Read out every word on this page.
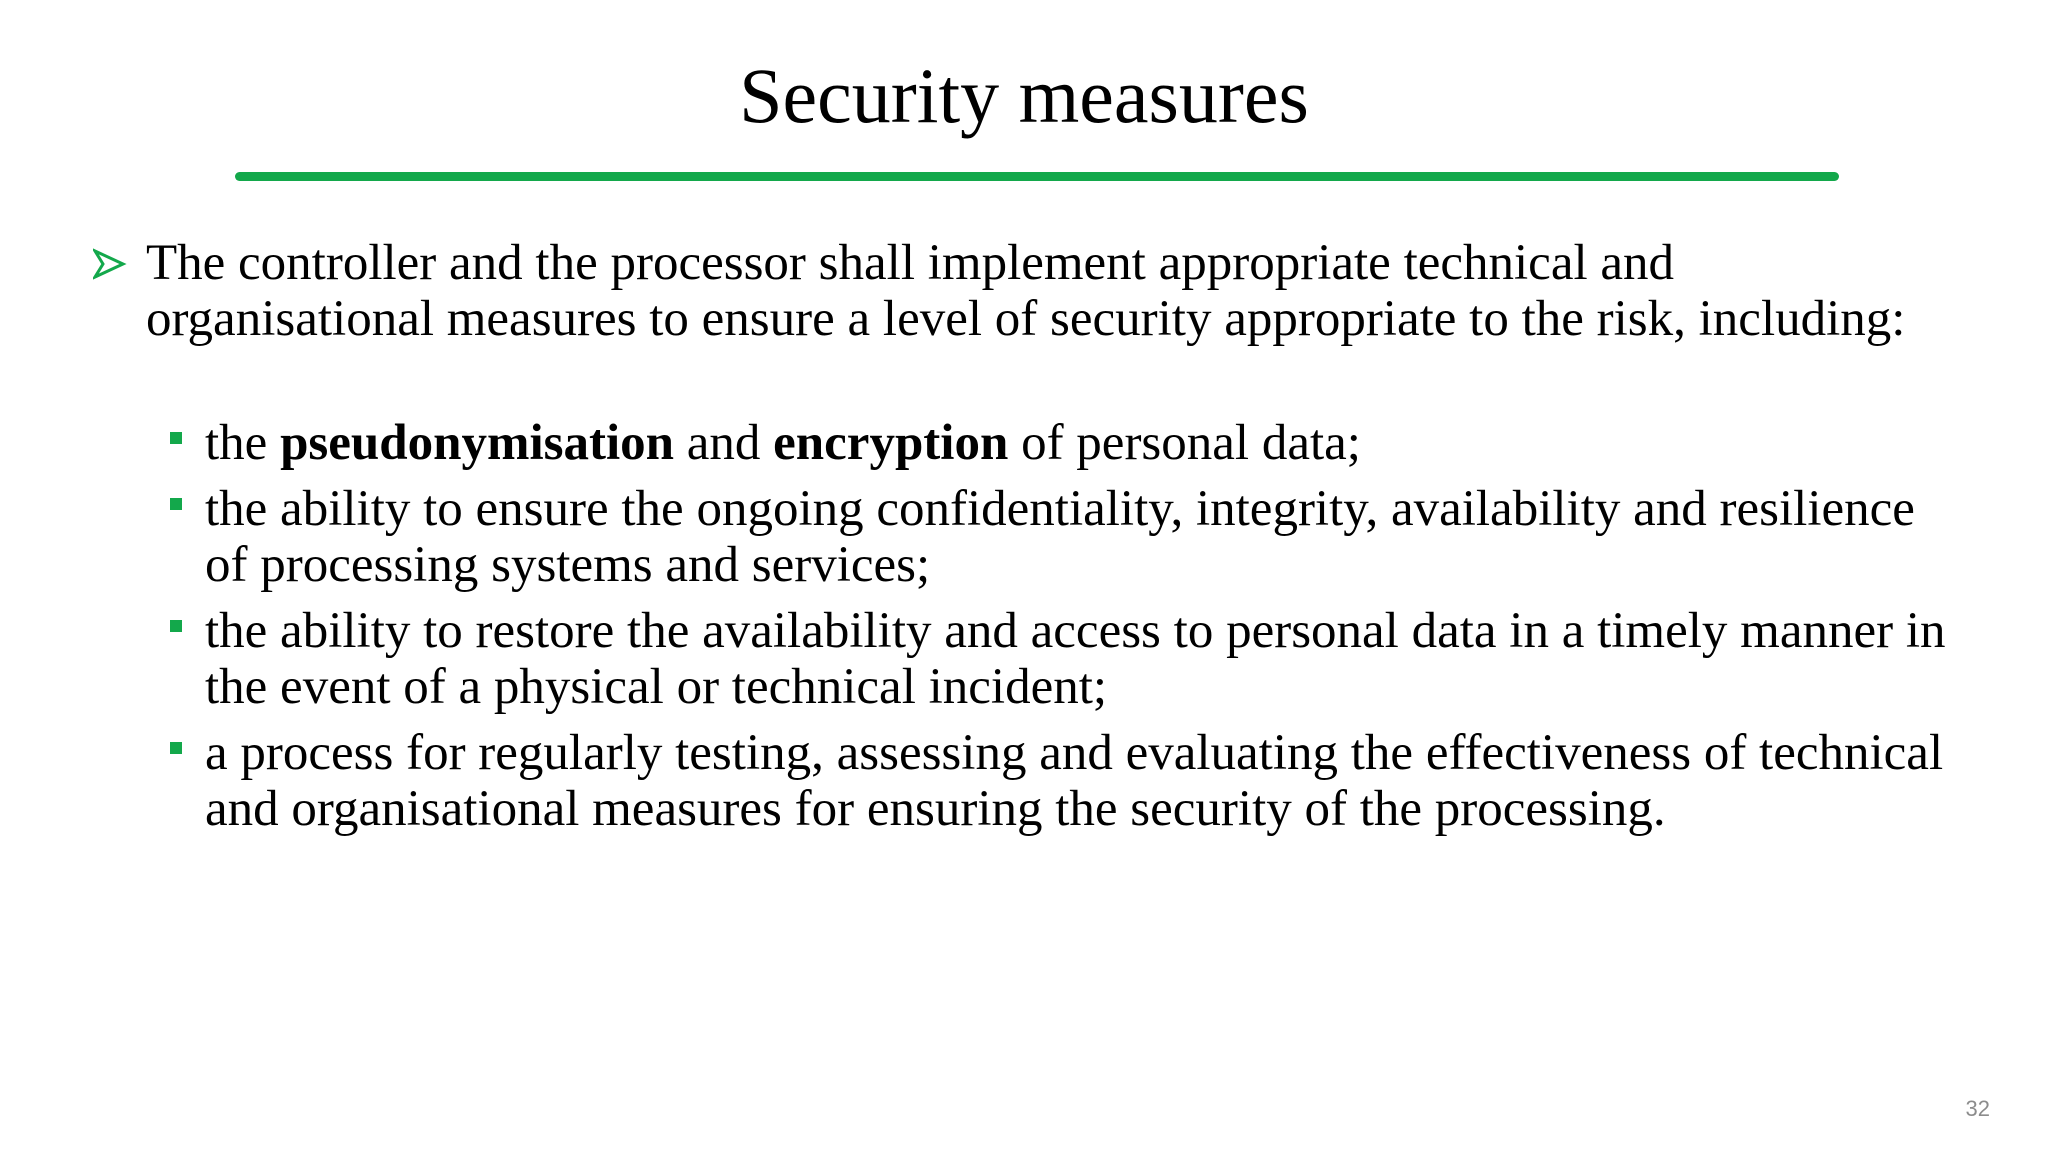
Security measures
The controller and the processor shall implement appropriate technical and organisational measures to ensure a level of security appropriate to the risk, including:
the pseudonymisation and encryption of personal data;
the ability to ensure the ongoing confidentiality, integrity, availability and resilience of processing systems and services;
the ability to restore the availability and access to personal data in a timely manner in the event of a physical or technical incident;
a process for regularly testing, assessing and evaluating the effectiveness of technical and organisational measures for ensuring the security of the processing.
32
